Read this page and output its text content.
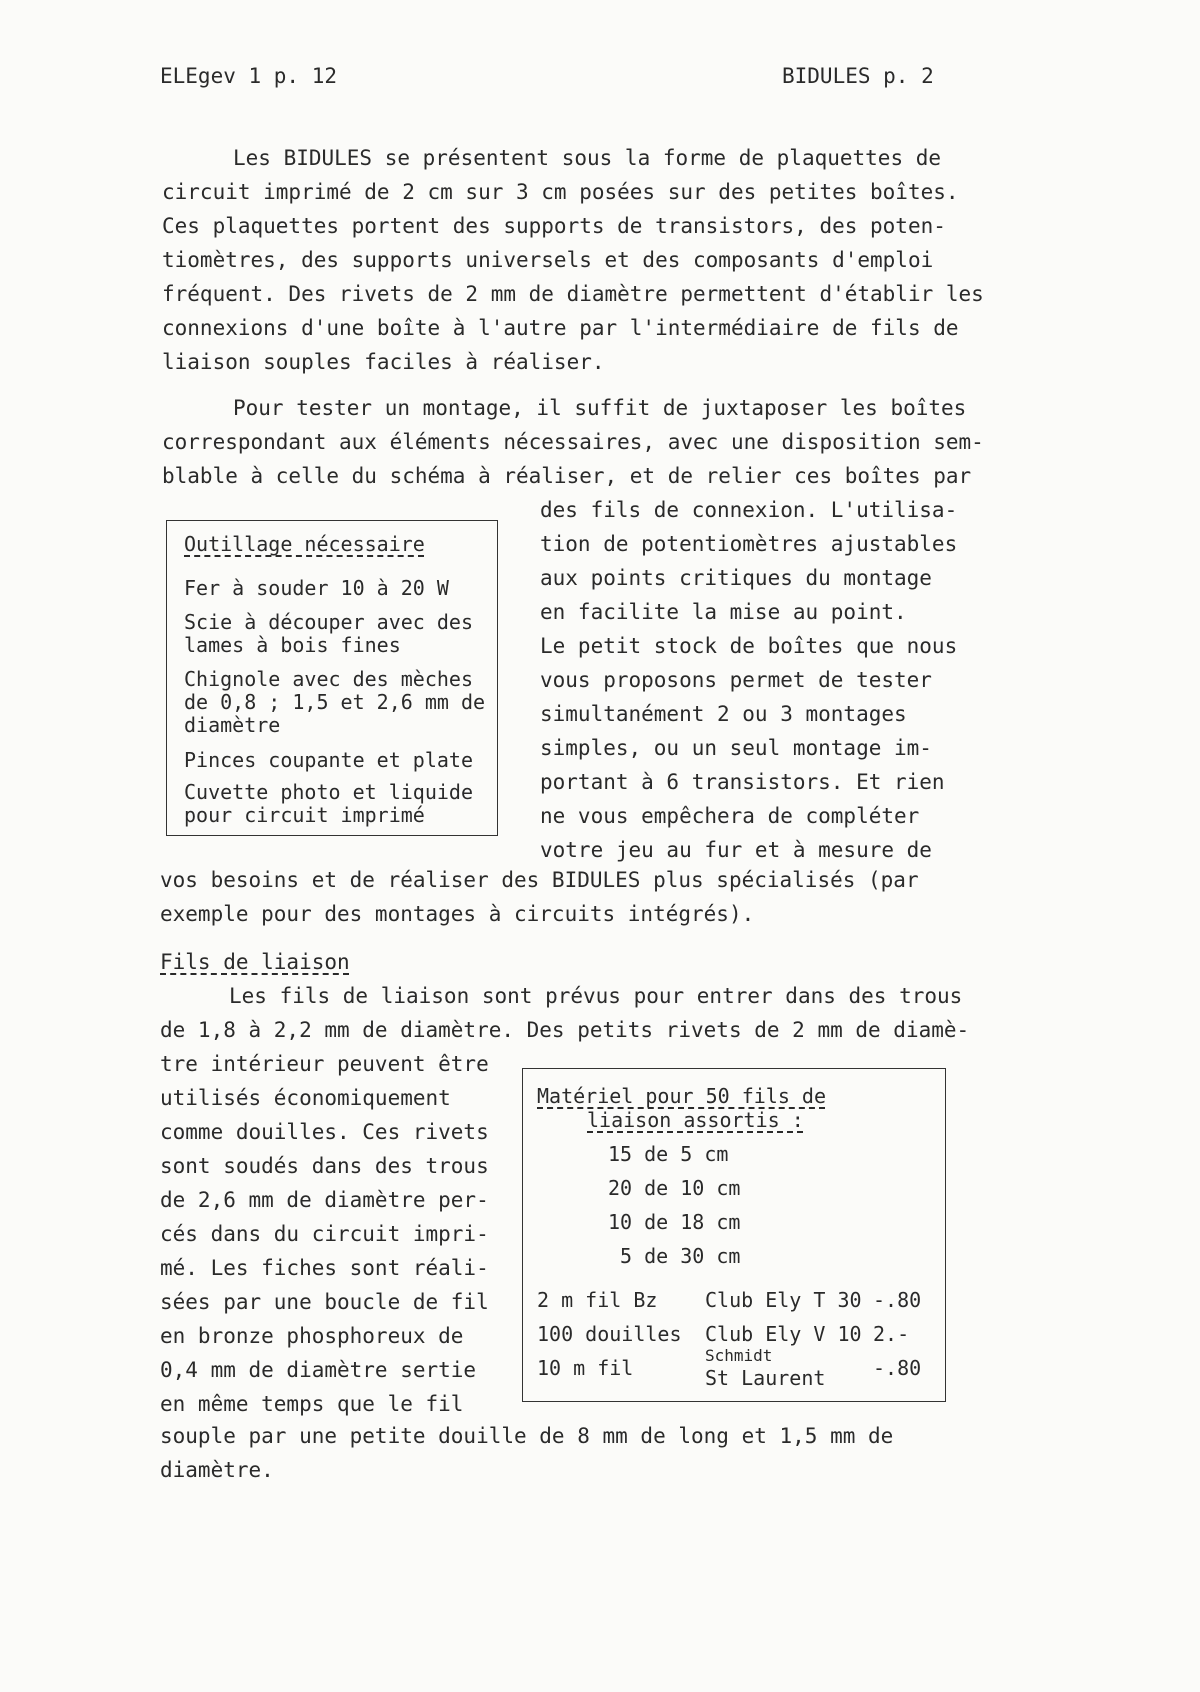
ELEgev 1 p. 12	BIDULES p. 2
Les BIDULES se présentent sous la forme de plaquettes de
circuit imprimé de 2 cm sur 3 cm posées sur des petites boîtes.
Ces plaquettes portent des supports de transistors, des poten-
tiomètres, des supports universels et des composants d'emploi
fréquent. Des rivets de 2 mm de diamètre permettent d'établir les
connexions d'une boîte à l'autre par l'intermédiaire de fils de
liaison souples faciles à réaliser.
Pour tester un montage, il suffit de juxtaposer les boîtes
correspondant aux éléments nécessaires, avec une disposition sem-
blable à celle du schéma à réaliser, et de relier ces boîtes par
des fils de connexion. L'utilisa-
tion de potentiomètres ajustables
aux points critiques du montage
en facilite la mise au point.
Le petit stock de boîtes que nous
vous proposons permet de tester
simultanément 2 ou 3 montages
simples, ou un seul montage im-
portant à 6 transistors. Et rien
ne vous empêchera de compléter
votre jeu au fur et à mesure de
vos besoins et de réaliser des BIDULES plus spécialisés (par
exemple pour des montages à circuits intégrés).
Outillage nécessaire
Fer à souder 10 à 20 W
Scie à découper avec des
lames à bois fines
Chignole avec des mèches
de 0,8 ; 1,5 et 2,6 mm de
diamètre
Pinces coupante et plate
Cuvette photo et liquide
pour circuit imprimé
Fils de liaison
Les fils de liaison sont prévus pour entrer dans des trous
de 1,8 à 2,2 mm de diamètre. Des petits rivets de 2 mm de diamè-
tre intérieur peuvent être
utilisés économiquement
comme douilles. Ces rivets
sont soudés dans des trous
de 2,6 mm de diamètre per-
cés dans du circuit impri-
mé. Les fiches sont réali-
sées par une boucle de fil
en bronze phosphoreux de
0,4 mm de diamètre sertie
en même temps que le fil
souple par une petite douille de 8 mm de long et 1,5 mm de
diamètre.
Matériel pour 50 fils de
liaison assortis :
15 de 5 cm
20 de 10 cm
10 de 18 cm
5 de 30 cm
2 m fil Bz Club Ely T 30 -.80
100 douilles Club Ely V 10 2.-
10 m fil
Schmidt
St Laurent -.80
